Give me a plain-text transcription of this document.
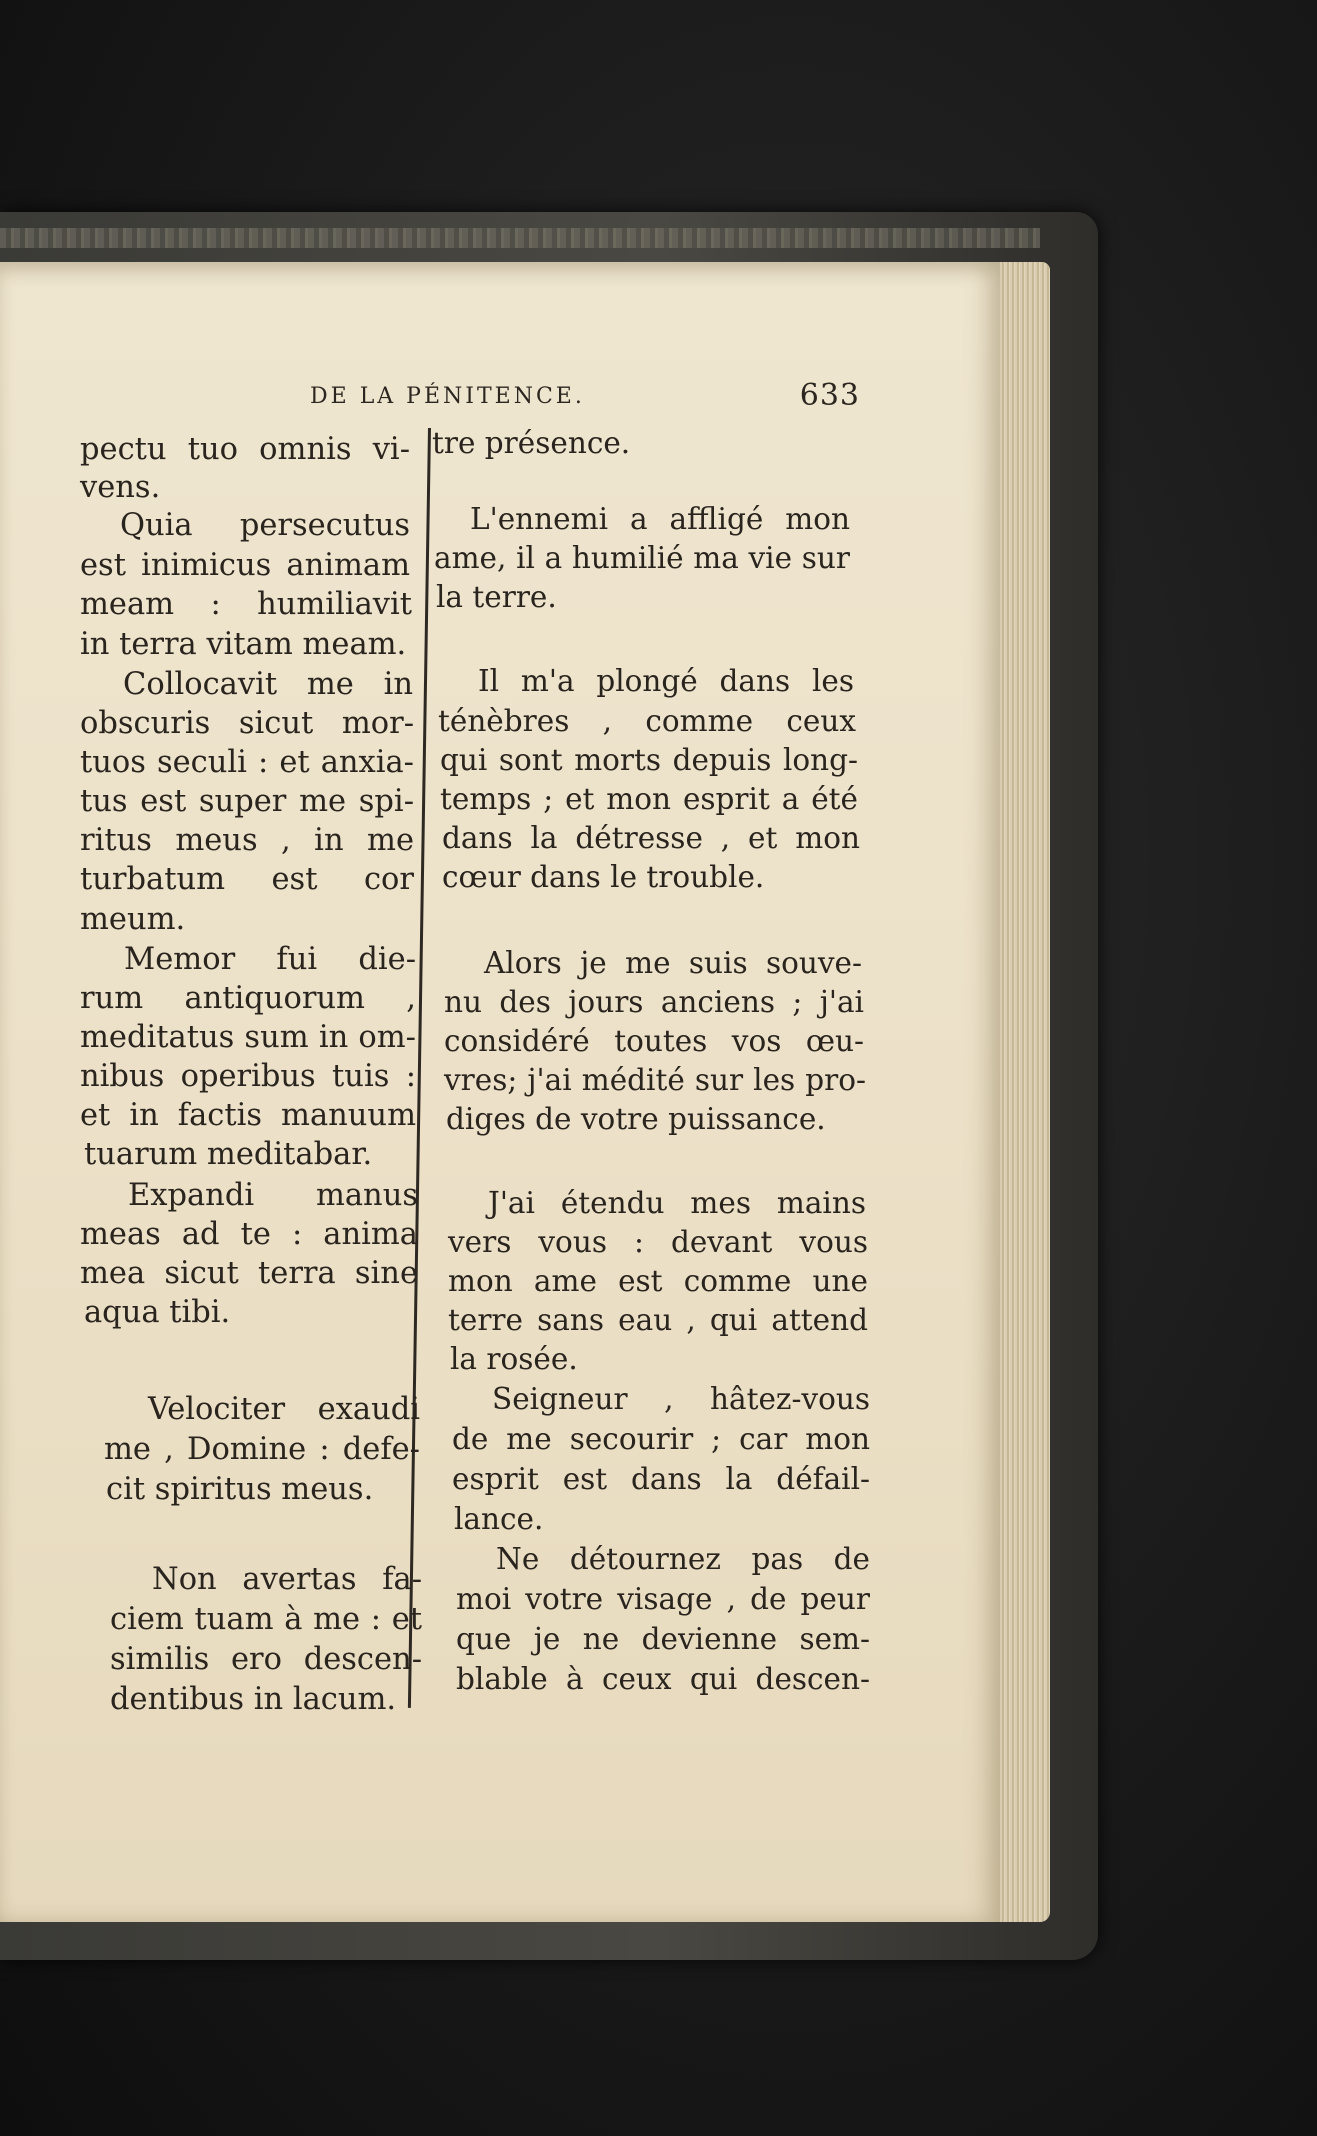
DE LA PÉNITENCE.	633
pectu tuo omnis vi-
vens.
Quia persecutus
est inimicus animam
meam : humiliavit
in terra vitam meam.
Collocavit me in
obscuris sicut mor-
tuos seculi : et anxia-
tus est super me spi-
ritus meus , in me
turbatum est cor
meum.
Memor fui die-
rum antiquorum ,
meditatus sum in om-
nibus operibus tuis :
et in factis manuum
tuarum meditabar.
Expandi manus
meas ad te : anima
mea sicut terra sine
aqua tibi.
Velociter exaudi
me , Domine : defe-
cit spiritus meus.
Non avertas fa-
ciem tuam à me : et
similis ero descen-
dentibus in lacum.
tre présence.
L'ennemi a affligé mon
ame, il a humilié ma vie sur
la terre.
Il m'a plongé dans les
ténèbres , comme ceux
qui sont morts depuis long-
temps ; et mon esprit a été
dans la détresse , et mon
cœur dans le trouble.
Alors je me suis souve-
nu des jours anciens ; j'ai
considéré toutes vos œu-
vres; j'ai médité sur les pro-
diges de votre puissance.
J'ai étendu mes mains
vers vous : devant vous
mon ame est comme une
terre sans eau , qui attend
la rosée.
Seigneur , hâtez-vous
de me secourir ; car mon
esprit est dans la défail-
lance.
Ne détournez pas de
moi votre visage , de peur
que je ne devienne sem-
blable à ceux qui descen-
